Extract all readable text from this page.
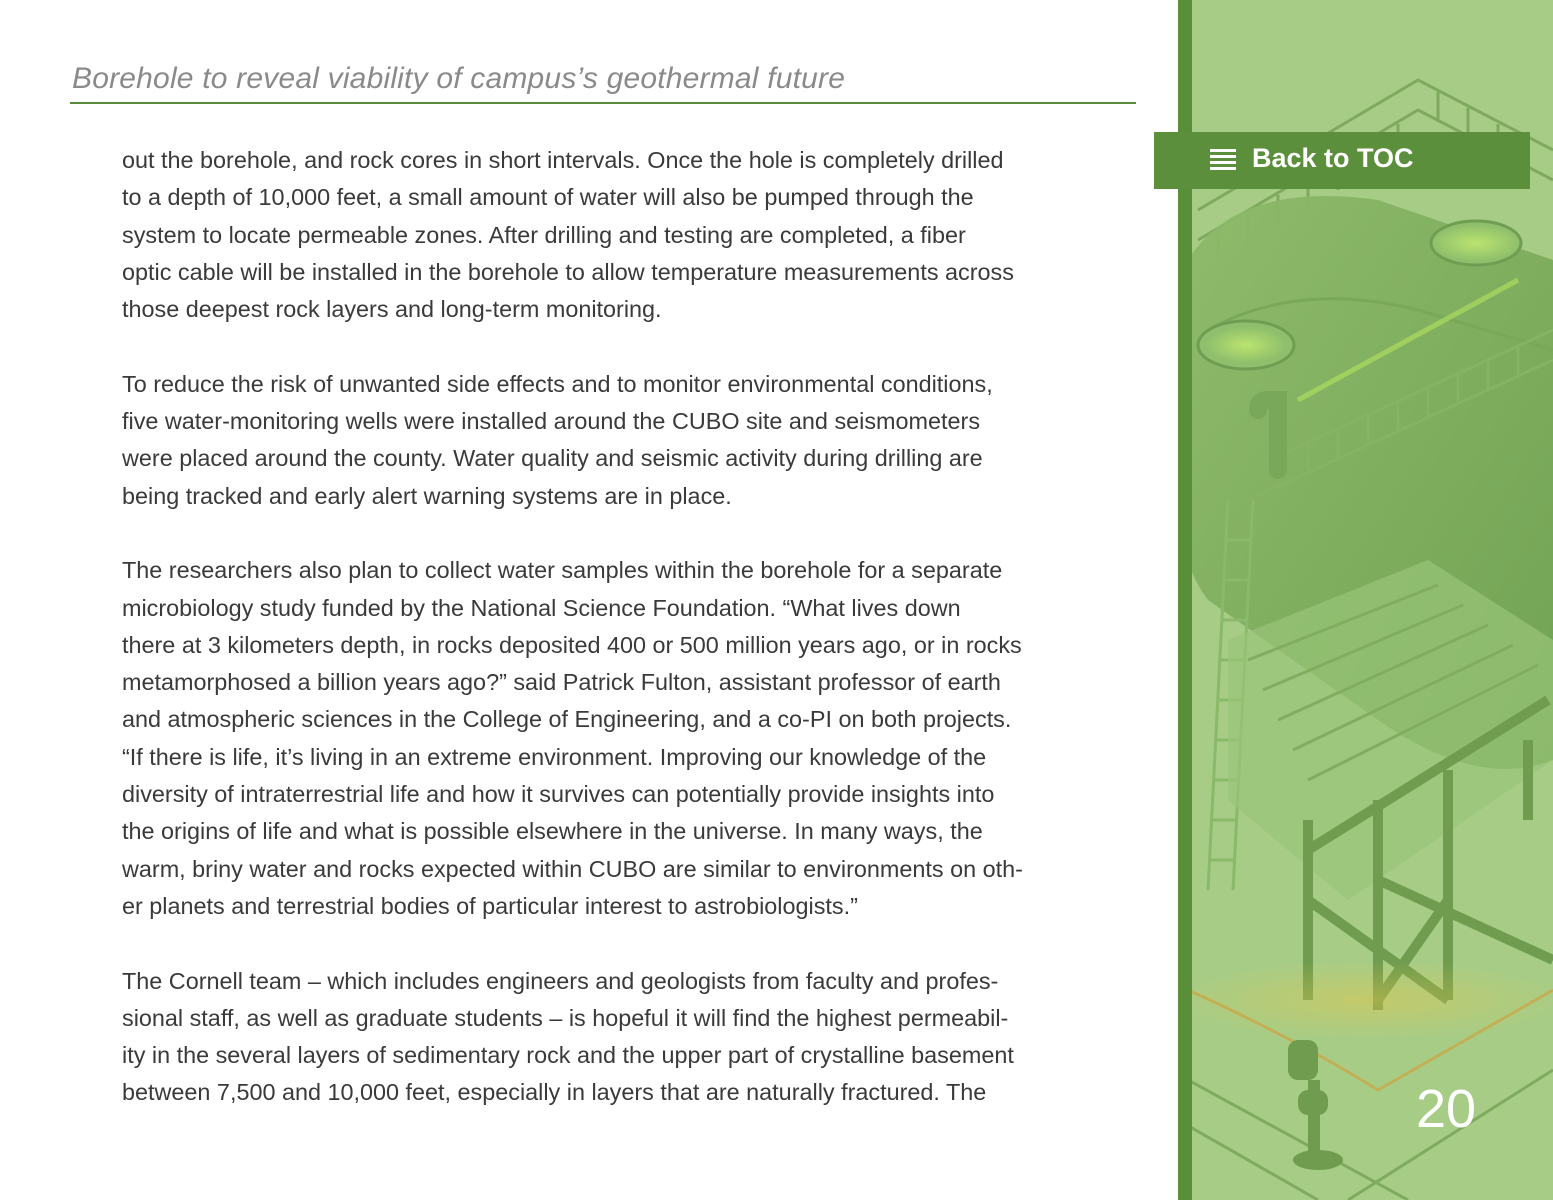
Borehole to reveal viability of campus’s geothermal future

out the borehole, and rock cores in short intervals. Once the hole is completely drilled
to a depth of 10,000 feet, a small amount of water will also be pumped through the
system to locate permeable zones. After drilling and testing are completed, a fiber
optic cable will be installed in the borehole to allow temperature measurements across
those deepest rock layers and long-term monitoring.

To reduce the risk of unwanted side effects and to monitor environmental conditions,
five water-monitoring wells were installed around the CUBO site and seismometers
were placed around the county. Water quality and seismic activity during drilling are
being tracked and early alert warning systems are in place.

The researchers also plan to collect water samples within the borehole for a separate
microbiology study funded by the National Science Foundation. “What lives down
there at 3 kilometers depth, in rocks deposited 400 or 500 million years ago, or in rocks
metamorphosed a billion years ago?” said Patrick Fulton, assistant professor of earth
and atmospheric sciences in the College of Engineering, and a co-PI on both projects.
“If there is life, it’s living in an extreme environment. Improving our knowledge of the
diversity of intraterrestrial life and how it survives can potentially provide insights into
the origins of life and what is possible elsewhere in the universe. In many ways, the
warm, briny water and rocks expected within CUBO are similar to environments on oth-
er planets and terrestrial bodies of particular interest to astrobiologists.”

The Cornell team – which includes engineers and geologists from faculty and profes-
sional staff, as well as graduate students – is hopeful it will find the highest permeabil-
ity in the several layers of sedimentary rock and the upper part of crystalline basement
between 7,500 and 10,000 feet, especially in layers that are naturally fractured. The

Back to TOC
20
